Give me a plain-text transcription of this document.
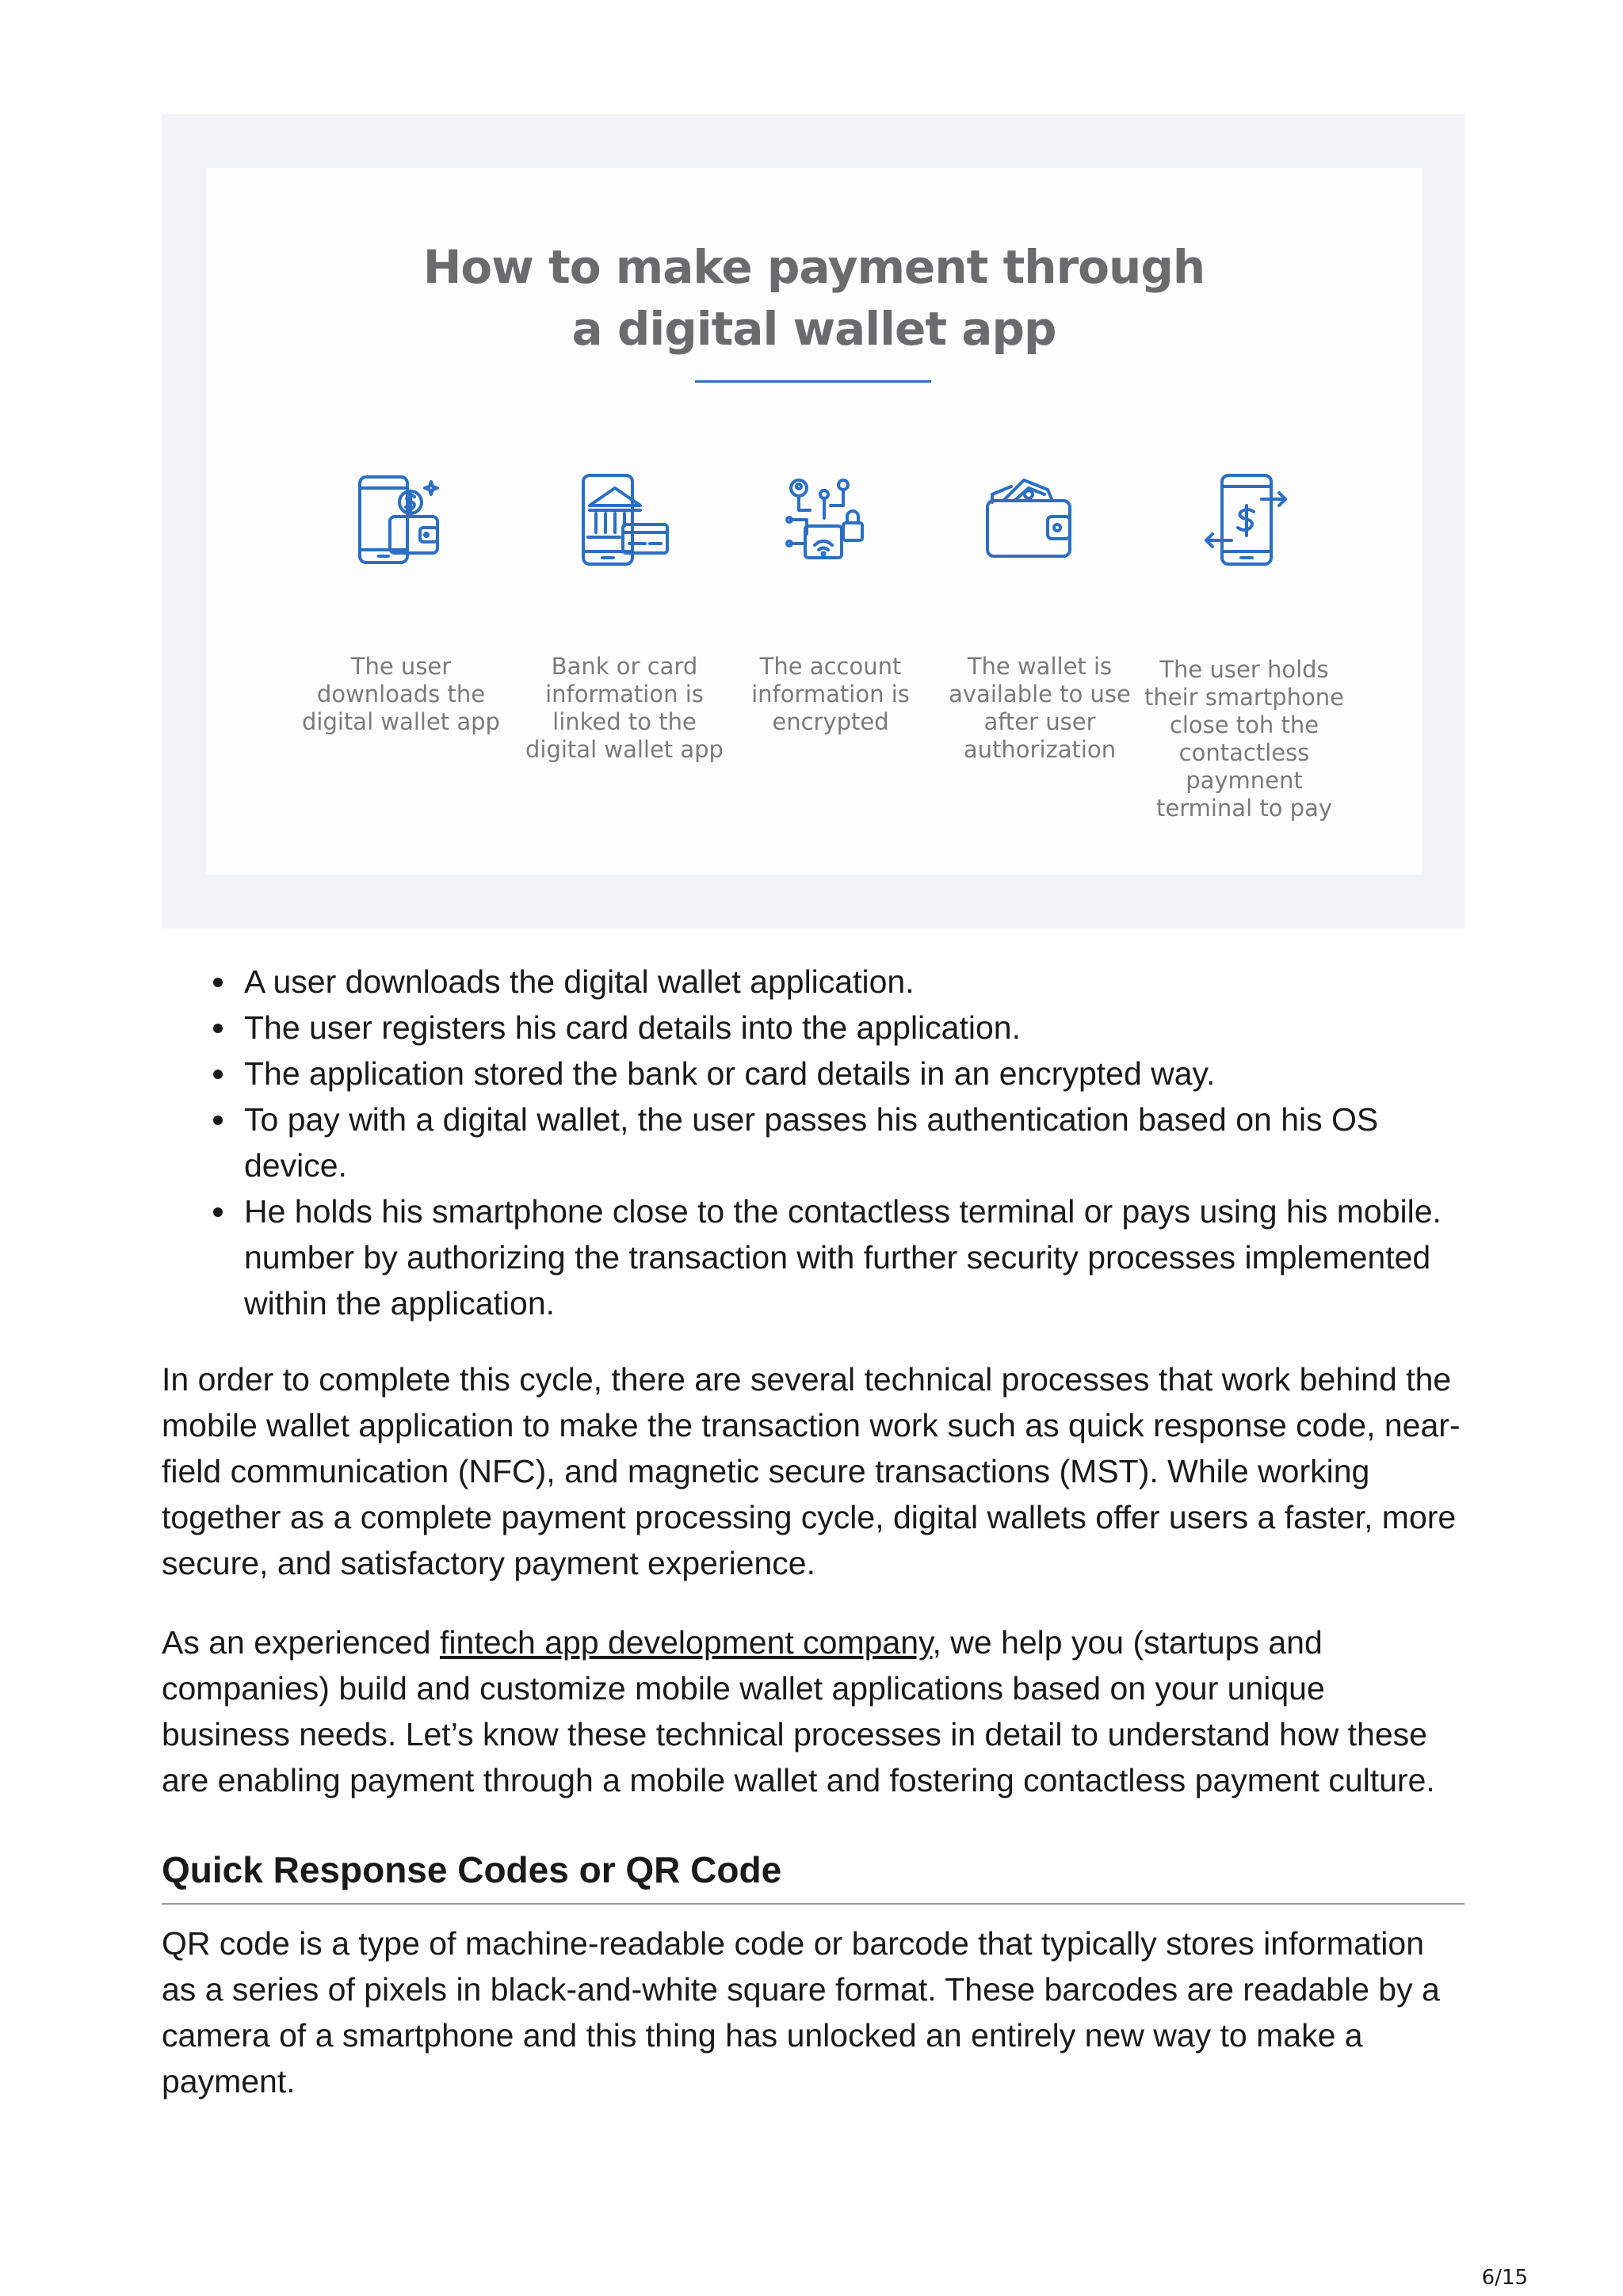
How to make payment through
a digital wallet app
The user downloads the digital wallet app
Bank or card information is linked to the digital wallet app
The account information is encrypted
The wallet is available to use after user authorization
The user holds their smartphone close toh the contactless paymnent terminal to pay
A user downloads the digital wallet application.
The user registers his card details into the application.
The application stored the bank or card details in an encrypted way.
To pay with a digital wallet, the user passes his authentication based on his OS device.
He holds his smartphone close to the contactless terminal or pays using his mobile. number by authorizing the transaction with further security processes implemented within the application.

In order to complete this cycle, there are several technical processes that work behind the mobile wallet application to make the transaction work such as quick response code, near-field communication (NFC), and magnetic secure transactions (MST). While working together as a complete payment processing cycle, digital wallets offer users a faster, more secure, and satisfactory payment experience.

As an experienced fintech app development company, we help you (startups and companies) build and customize mobile wallet applications based on your unique business needs. Let’s know these technical processes in detail to understand how these are enabling payment through a mobile wallet and fostering contactless payment culture.

Quick Response Codes or QR Code

QR code is a type of machine-readable code or barcode that typically stores information as a series of pixels in black-and-white square format. These barcodes are readable by a camera of a smartphone and this thing has unlocked an entirely new way to make a payment.

6/15
